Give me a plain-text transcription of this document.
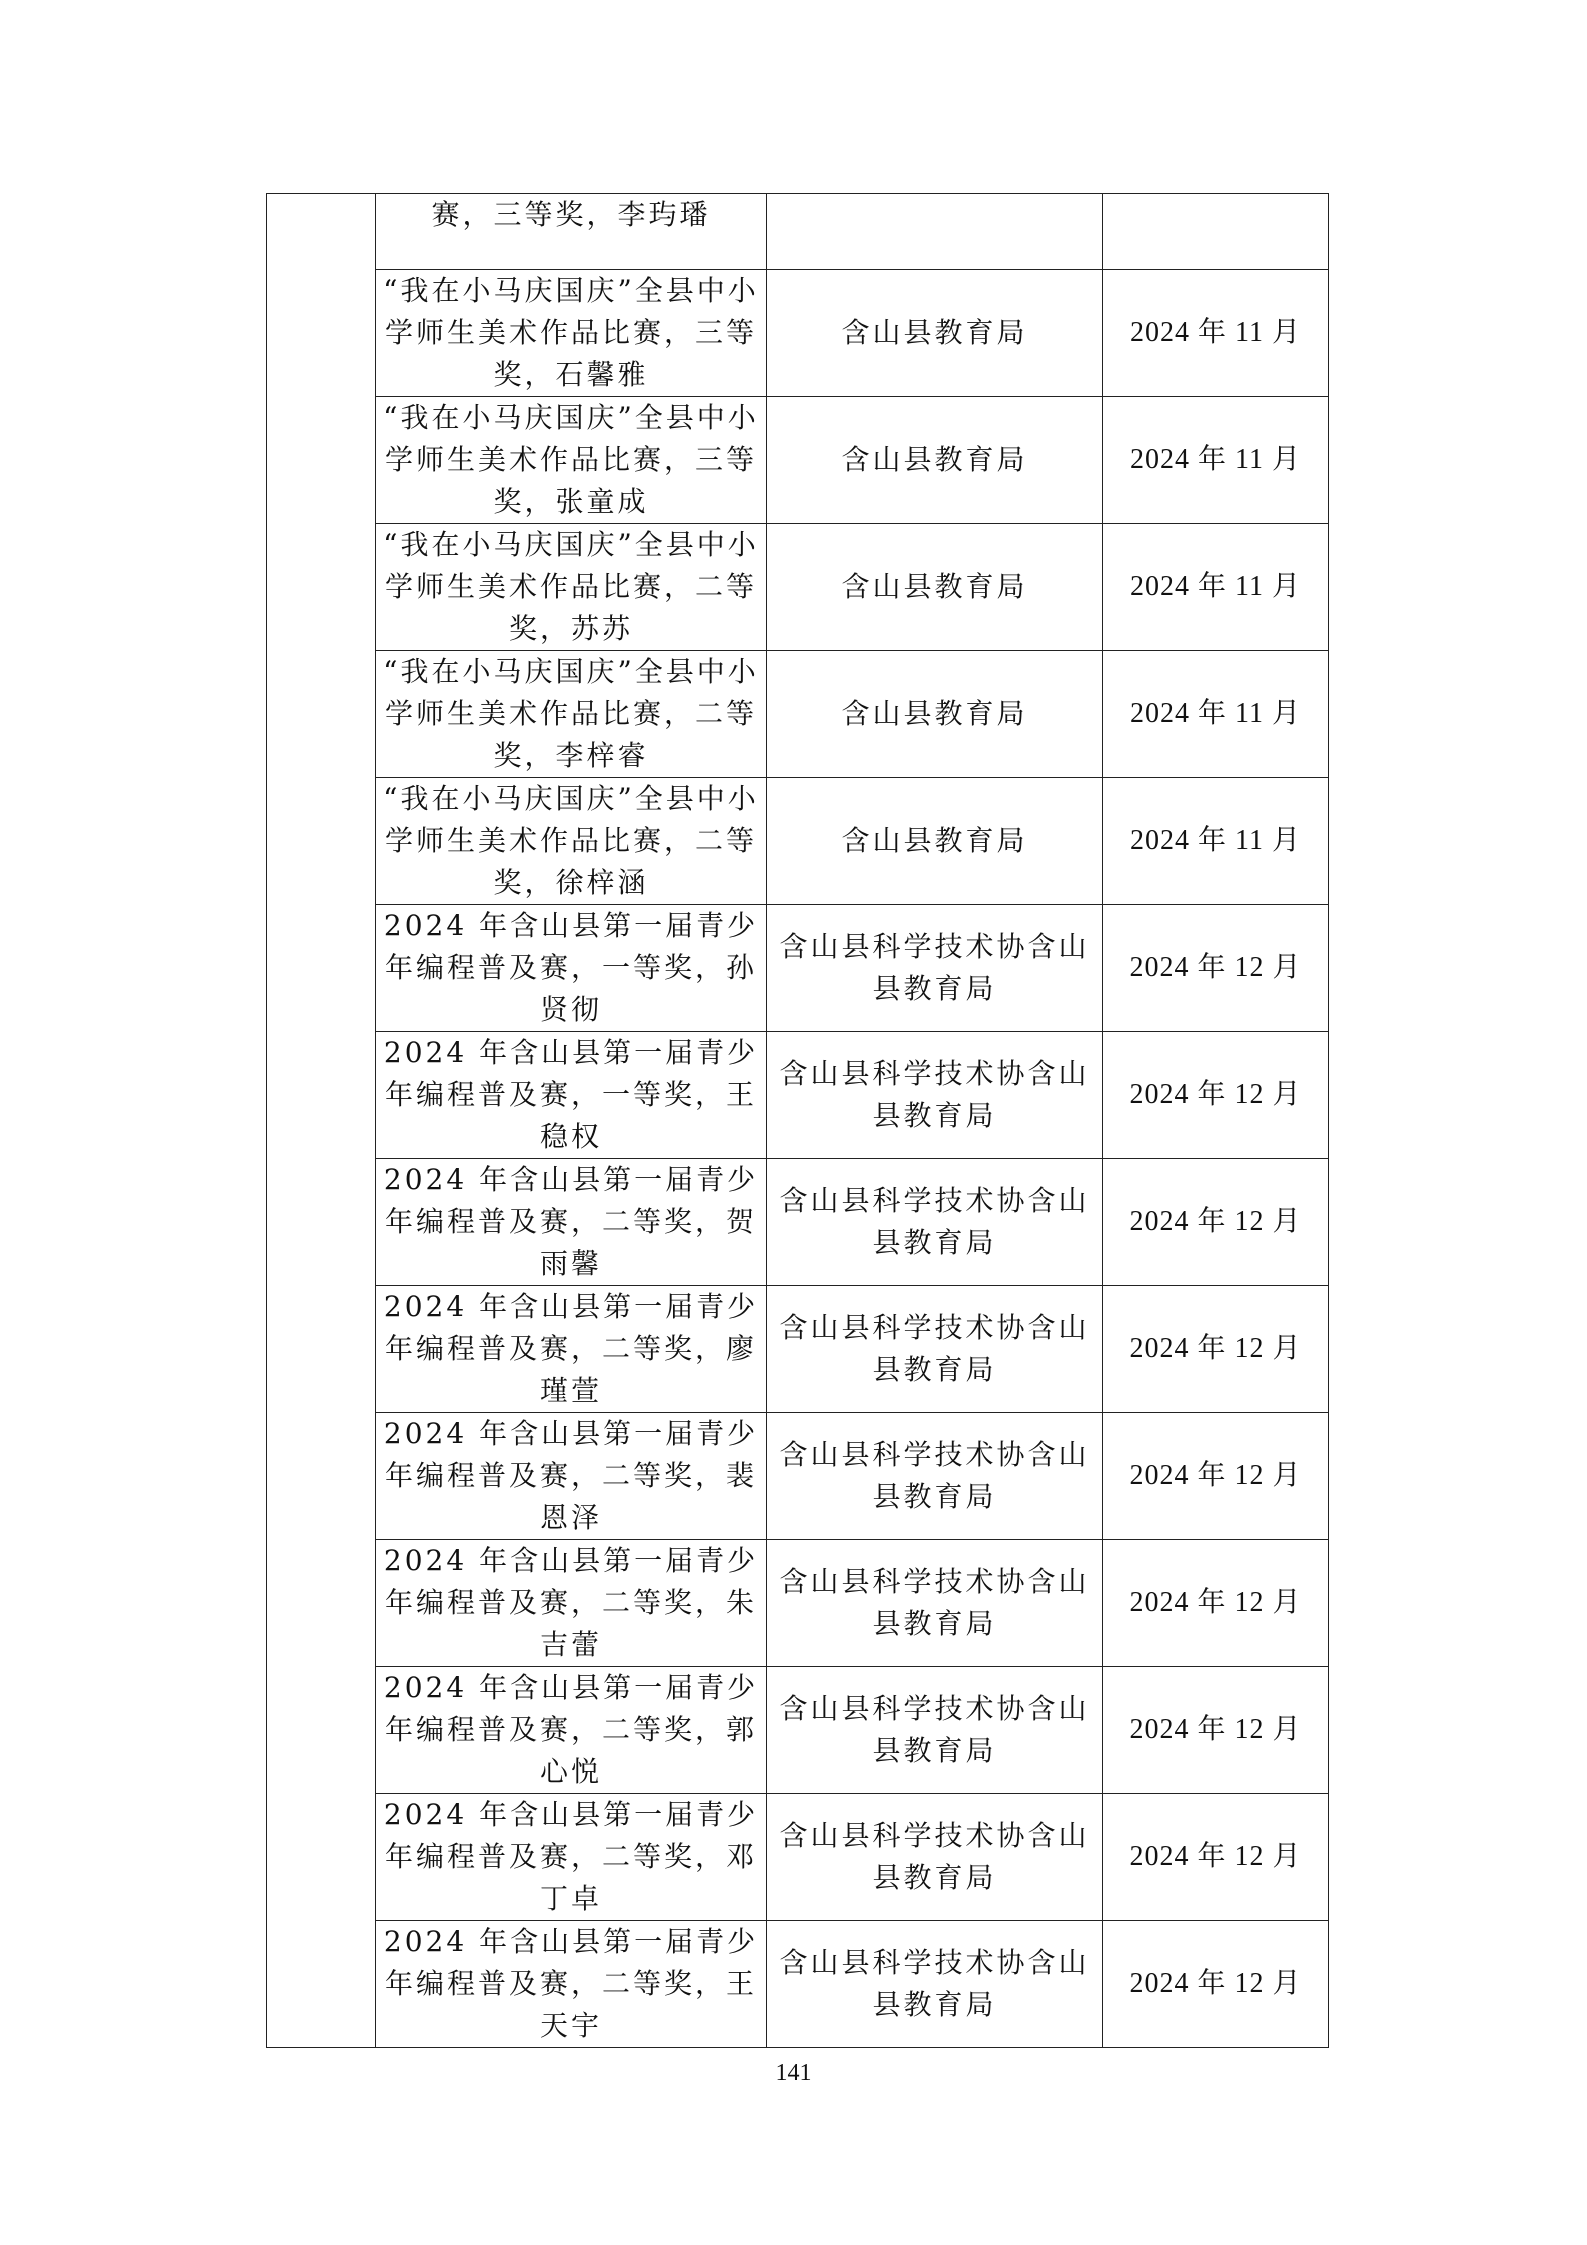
	赛，三等奖，李玙璠		
	“我在小马庆国庆”全县中小学师生美术作品比赛，三等奖，石馨雅	含山县教育局	2024 年 11 月
	“我在小马庆国庆”全县中小学师生美术作品比赛，三等奖，张童成	含山县教育局	2024 年 11 月
	“我在小马庆国庆”全县中小学师生美术作品比赛，二等奖，苏苏	含山县教育局	2024 年 11 月
	“我在小马庆国庆”全县中小学师生美术作品比赛，二等奖，李梓睿	含山县教育局	2024 年 11 月
	“我在小马庆国庆”全县中小学师生美术作品比赛，二等奖，徐梓涵	含山县教育局	2024 年 11 月
	2024 年含山县第一届青少年编程普及赛，一等奖，孙贤彻	含山县科学技术协含山县教育局	2024 年 12 月
	2024 年含山县第一届青少年编程普及赛，一等奖，王稳权	含山县科学技术协含山县教育局	2024 年 12 月
	2024 年含山县第一届青少年编程普及赛，二等奖，贺雨馨	含山县科学技术协含山县教育局	2024 年 12 月
	2024 年含山县第一届青少年编程普及赛，二等奖，廖瑾萱	含山县科学技术协含山县教育局	2024 年 12 月
	2024 年含山县第一届青少年编程普及赛，二等奖，裴恩泽	含山县科学技术协含山县教育局	2024 年 12 月
	2024 年含山县第一届青少年编程普及赛，二等奖，朱吉蕾	含山县科学技术协含山县教育局	2024 年 12 月
	2024 年含山县第一届青少年编程普及赛，二等奖，郭心悦	含山县科学技术协含山县教育局	2024 年 12 月
	2024 年含山县第一届青少年编程普及赛，二等奖，邓丁卓	含山县科学技术协含山县教育局	2024 年 12 月
	2024 年含山县第一届青少年编程普及赛，二等奖，王天宇	含山县科学技术协含山县教育局	2024 年 12 月
141
